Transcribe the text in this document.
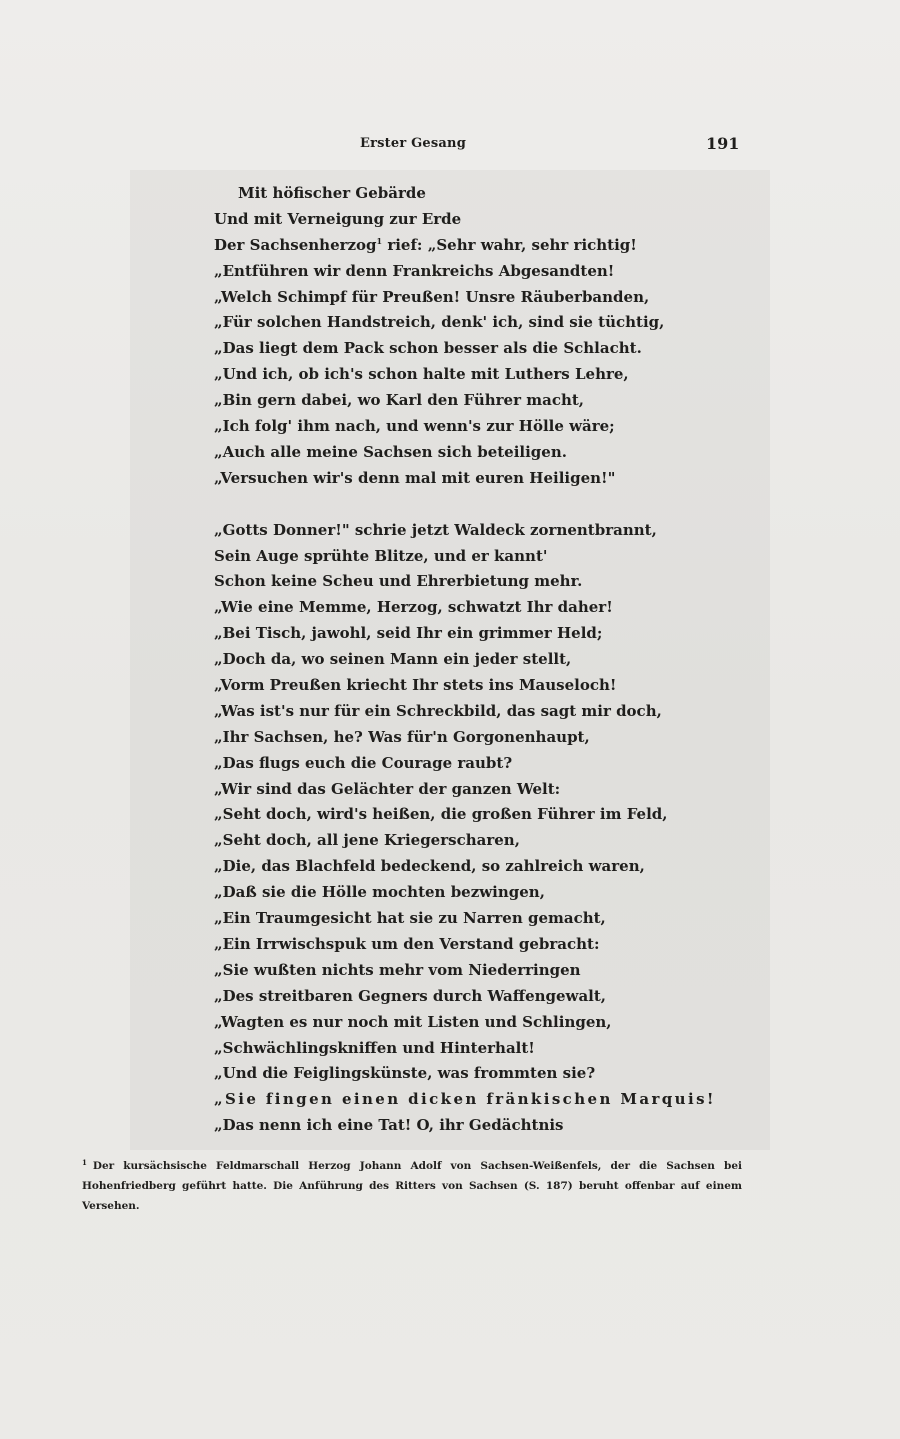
Erster Gesang	191
Mit höfischer Gebärde
Und mit Verneigung zur Erde
Der Sachsenherzog$^1$ rief: „Sehr wahr, sehr richtig!
„Entführen wir denn Frankreichs Abgesandten!
„Welch Schimpf für Preußen! Unsre Räuberbanden,
„Für solchen Handstreich, denk' ich, sind sie tüchtig,
„Das liegt dem Pack schon besser als die Schlacht.
„Und ich, ob ich's schon halte mit Luthers Lehre,
„Bin gern dabei, wo Karl den Führer macht,
„Ich folg' ihm nach, und wenn's zur Hölle wäre;
„Auch alle meine Sachsen sich beteiligen.
„Versuchen wir's denn mal mit euren Heiligen!"
„Gotts Donner!" schrie jetzt Waldeck zornentbrannt,
Sein Auge sprühte Blitze, und er kannt'
Schon keine Scheu und Ehrerbietung mehr.
„Wie eine Memme, Herzog, schwatzt Ihr daher!
„Bei Tisch, jawohl, seid Ihr ein grimmer Held;
„Doch da, wo seinen Mann ein jeder stellt,
„Vorm Preußen kriecht Ihr stets ins Mauseloch!
„Was ist's nur für ein Schreckbild, das sagt mir doch,
„Ihr Sachsen, he? Was für'n Gorgonenhaupt,
„Das flugs euch die Courage raubt?
„Wir sind das Gelächter der ganzen Welt:
„Seht doch, wird's heißen, die großen Führer im Feld,
„Seht doch, all jene Kriegerscharen,
„Die, das Blachfeld bedeckend, so zahlreich waren,
„Daß sie die Hölle mochten bezwingen,
„Ein Traumgesicht hat sie zu Narren gemacht,
„Ein Irrwischspuk um den Verstand gebracht:
„Sie wußten nichts mehr vom Niederringen
„Des streitbaren Gegners durch Waffengewalt,
„Wagten es nur noch mit Listen und Schlingen,
„Schwächlingskniffen und Hinterhalt!
„Und die Feiglingskünste, was frommten sie?
„Sie fingen einen dicken fränkischen Marquis!
„Das nenn ich eine Tat! O, ihr Gedächtnis
$^1$ Der kursächsische Feldmarschall Herzog Johann Adolf von Sachsen-Weißenfels, der die Sachsen bei Hohenfriedberg geführt hatte. Die Anführung des Ritters von Sachsen (S. 187) beruht offenbar auf einem Versehen.
